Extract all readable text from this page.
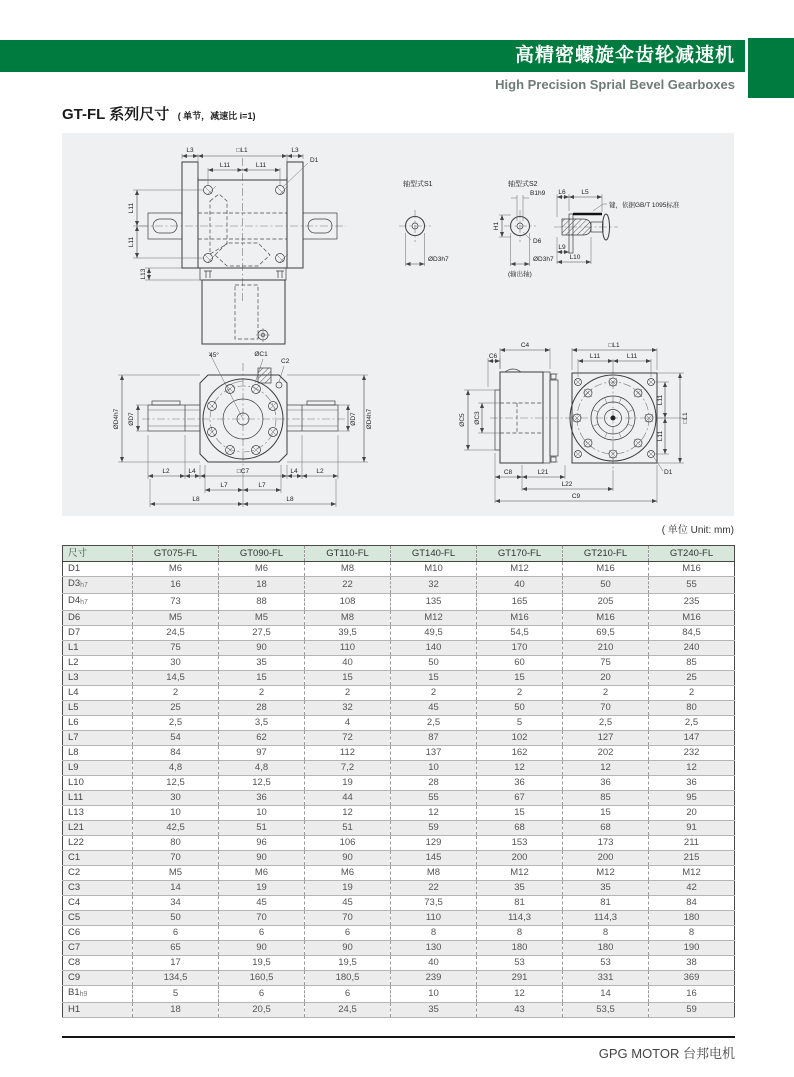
高精密螺旋伞齿轮减速机
High Precision Sprial Bevel Gearboxes
GT-FL 系列尺寸 ( 单节，减速比 i=1)
L3	□L1	L3
L11	L11
D1
L11
L11
L13
45°	ØC1
C2
ØD4h7 ØD7	ØD7 ØD4h7
L2	L4	□C7	L4	L2
L7	L7
L8	L8
轴型式S1
ØD3h7
轴型式S2
B1h9
H1
D6
ØD3h7
(输出轴)
L6 L5
键，依据GB/T 1095标准
L9
L10
C4
C6
□L1
L11	L11
L11
L11
□L1
ØC5 ØC3
C8	L21
L22
C9
D1
( 单位 Unit: mm)
尺寸	GT075-FL	GT090-FL	GT110-FL	GT140-FL	GT170-FL	GT210-FL	GT240-FL
D1	M6	M6	M8	M10	M12	M16	M16
D3h7	16	18	22	32	40	50	55
D4h7	73	88	108	135	165	205	235
D6	M5	M5	M8	M12	M16	M16	M16
D7	24,5	27,5	39,5	49,5	54,5	69,5	84,5
L1	75	90	110	140	170	210	240
L2	30	35	40	50	60	75	85
L3	14,5	15	15	15	15	20	25
L4	2	2	2	2	2	2	2
L5	25	28	32	45	50	70	80
L6	2,5	3,5	4	2,5	5	2,5	2,5
L7	54	62	72	87	102	127	147
L8	84	97	112	137	162	202	232
L9	4,8	4,8	7,2	10	12	12	12
L10	12,5	12,5	19	28	36	36	36
L11	30	36	44	55	67	85	95
L13	10	10	12	12	15	15	20
L21	42,5	51	51	59	68	68	91
L22	80	96	106	129	153	173	211
C1	70	90	90	145	200	200	215
C2	M5	M6	M6	M8	M12	M12	M12
C3	14	19	19	22	35	35	42
C4	34	45	45	73,5	81	81	84
C5	50	70	70	110	114,3	114,3	180
C6	6	6	6	8	8	8	8
C7	65	90	90	130	180	180	190
C8	17	19,5	19,5	40	53	53	38
C9	134,5	160,5	180,5	239	291	331	369
B1h9	5	6	6	10	12	14	16
H1	18	20,5	24,5	35	43	53,5	59
GPG MOTOR 台邦电机
